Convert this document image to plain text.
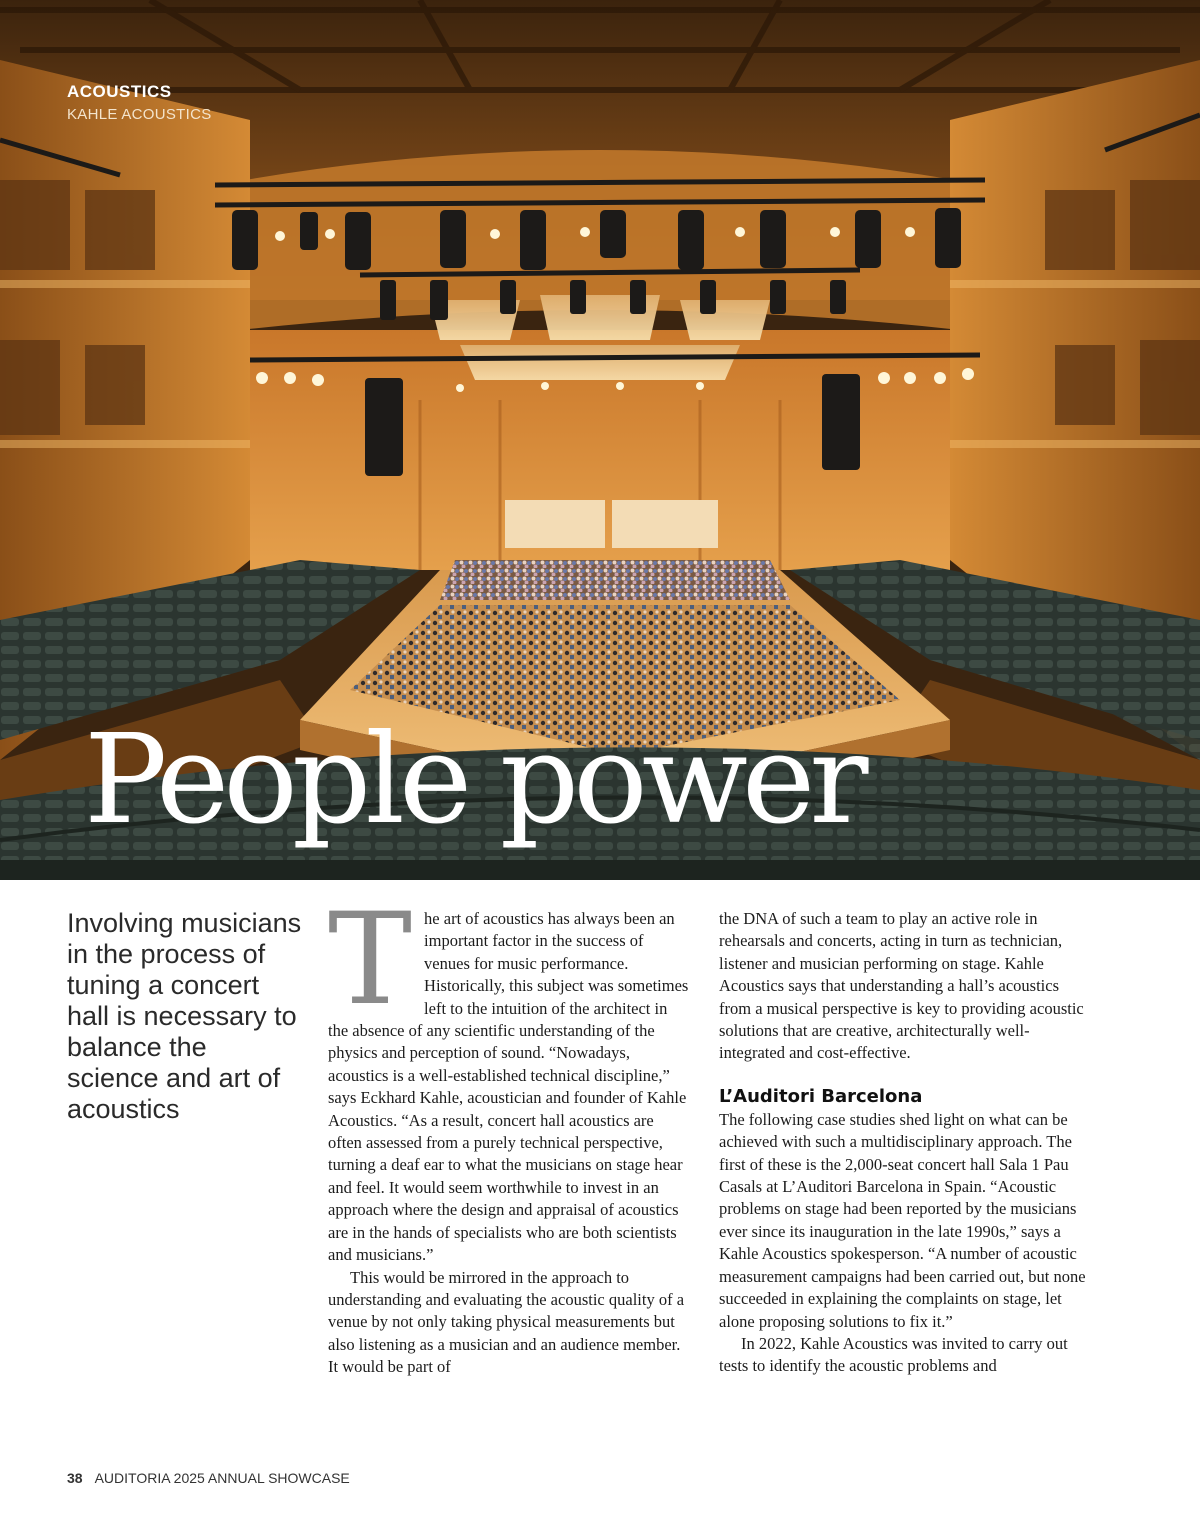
ACOUSTICS
KAHLE ACOUSTICS
People power

Involving musicians in the process of tuning a concert hall is necessary to balance the science and art of acoustics

T he art of acoustics has always been an important factor in the success of venues for music performance. Historically, this subject was sometimes left to the intuition of the architect in the absence of any scientific understanding of the physics and perception of sound. “Nowadays, acoustics is a well-established technical discipline,” says Eckhard Kahle, acoustician and founder of Kahle Acoustics. “As a result, concert hall acoustics are often assessed from a purely technical perspective, turning a deaf ear to what the musicians on stage hear and feel. It would seem worthwhile to invest in an approach where the design and appraisal of acoustics are in the hands of specialists who are both scientists and musicians.”

This would be mirrored in the approach to understanding and evaluating the acoustic quality of a venue by not only taking physical measurements but also listening as a musician and an audience member. It would be part of

the DNA of such a team to play an active role in rehearsals and concerts, acting in turn as technician, listener and musician performing on stage. Kahle Acoustics says that understanding a hall’s acoustics from a musical perspective is key to providing acoustic solutions that are creative, architecturally well-integrated and cost-effective.

L’Auditori Barcelona

The following case studies shed light on what can be achieved with such a multidisciplinary approach. The first of these is the 2,000-seat concert hall Sala 1 Pau Casals at L’Auditori Barcelona in Spain. “Acoustic problems on stage had been reported by the musicians ever since its inauguration in the late 1990s,” says a Kahle Acoustics spokesperson. “A number of acoustic measurement campaigns had been carried out, but none succeeded in explaining the complaints on stage, let alone proposing solutions to fix it.”

In 2022, Kahle Acoustics was invited to carry out tests to identify the acoustic problems and

38 AUDITORIA 2025 ANNUAL SHOWCASE
